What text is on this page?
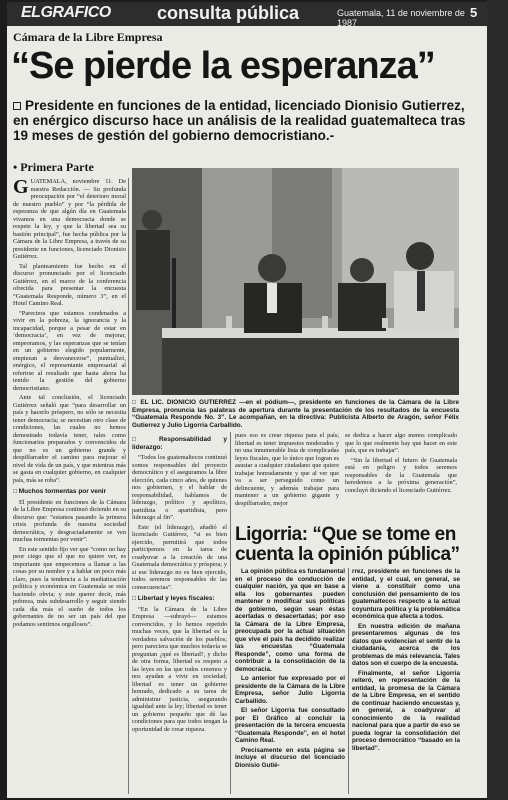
ELGRAFICO	consulta pública	Guatemala, 11 de noviembre de 1987
5
Cámara de la Libre Empresa
“Se pierde la esperanza”
Presidente en funciones de la entidad, licenciado Dionisio Gutierrez, en enérgico discurso hace un análisis de la realidad guatemalteca tras 19 meses de gestión del gobierno democristiano.-
• Primera Parte

GUATEMALA, noviembre 11. De nuestra Redacción. — Su profunda preocupación por “el deterioro moral de nuestro pueblo” y por “la pérdida de esperanza de que algún día en Guatemala vivamos en una democracia donde se respete la ley, y que la libertad sea su bastión principal”, fue hecha pública por la Cámara de la Libre Empresa, a través de su presidente en funciones, licenciado Dionisio Gutiérrez.

Tal planteamiento fue hecho en el discurso pronunciado por el licenciado Gutiérrez, en el marco de la conferencia ofrecida para presentar la encuesta “Guatemala Responde, número 3”, en el Hotel Camino Real.

“Pareciera que estamos condenados a vivir en la pobreza, la ignorancia y la incapacidad, porque a pesar de estar en ‘democracia’, en vez de mejorar, empeoramos, y las esperanzas que se tenían en un gobierno elegido popularmente, empiezan a desvanecerse”, puntualizó, enérgico, el representante empresarial al referirse al resultado que hasta ahora ha tenido la gestión del gobierno democristiano.

Ante tal conclusión, el licenciado Gutiérrez señaló que “para desarrollar un país y hacerlo próspero, no sólo se necesita tener democracia; se necesitan otro clase de condiciones, las cuales no hemos demostrado todavía tener, tales como funcionarios preparados y convencidos de que no es un gobierno grande y despilfarrador el camino para mejorar el nivel de vida de un país, y que mientras más se gasta en cualquier gobierno, en cualquier país, más se roba”.

□ Muchos tormentas por venir

El presidente en funciones de la Cámara de la Libre Empresa continuó diciendo en su discurso que: “estamos pasando la primera crisis profunda de nuestra sociedad democrática, y desgraciadamente se ven muchas tormentas por venir”.

En este sentido fijo ver que “como no hay peor ciego que el que no quiere ver, es importante que empecemos a llamar a las cosas por su nombre y a hablar un poco más claro, pues la tendencia a la mediatización política y económica en Guatemala se está haciendo obvia; y este querer decir, más pobreza, más subdesarrollo y seguir siendo cada día más el sueño de todos los gobernantes de no ser un país del que podamos sentirnos orgullosos”.

□ EL LIC. DIONICIO GUTIERREZ —en el pódium—, presidente en funciones de la Cámara de la Libre Empresa, pronuncia las palabras de apertura durante la presentación de los resultados de la encuesta “Guatemala Responde No. 3”. Le acompañan, en la directiva: Publicista Alberto de Aragón, señor Félix Gutierrez y Julio Ligorria Carballido.
□ Responsabilidad y liderazgo:

“Todos los guatemaltecos continuó somos responsables del proyecto democrático y el aseguramos la libre elección, cada cinco años, de quienes nos gobiernen, y el hablar de responsabilidad, hablamos de liderazgo, político y apolítico, partidista o apartidista, pero liderazgo al fin”.

Este (el liderazgo), añadió el licenciado Gutiérrez, “si es bien ejercido, permitirá que todos participemos en la tarea de coadyuvar a la creación de una Guatemala democrática y próspera; y si ese liderazgo no es bien ejercido, todos seremos responsables de las consecuencias”.

□ Libertad y leyes fiscales:

“En la Cámara de la Libre Empresa —subrayó— estamos convencidos, y lo hemos repetido muchas veces, que la libertad es la verdadera salvación de los pueblos; pero pareciera que muchos todavía se preguntan ¿qué es libertad?, y dicho de otra forma, libertad es respeto a las leyes en las que todos creemos y nos ayudan a vivir en sociedad; libertad es tener un gobierno honrado, dedicado a su tarea de administrar justicia, asegurando igualdad ante la ley; libertad es tener un gobierno pequeño que dé las condiciones para que todos tengan la oportunidad de crear riqueza.

pues eso es crear riqueza para el país; libertad es tener impuestos moderados y no una innumerable lista de complicadas leyes fiscales, que lo único que logran es asustar a cualquier ciudadano que quiere trabajar honradamente y que al ver que va a ser perseguido como un delincuente, y además trabajar para mantener a un gobierno gigante y despilfarrador, mejor

se dedica a hacer algo menos complicado que lo que realmente hay que hacer en este país, que es trabajar”.

“Sin la libertad el futuro de Guatemala está en peligro y todos seremos responsables de la Guatemala que heredemos a la próxima generación”, concluyó diciendo el licenciado Gutiérrez.

Ligorria: “Que se tome en cuenta la opinión pública”

La opinión pública es fundamental en el proceso de conducción de cualquier nación, ya que en base a ella los gobernantes pueden mantener o modificar sus políticas de gobierno, según sean éstas acertadas o desacertadas; por eso la Cámara de la Libre Empresa, preocupada por la actual situación que vive el país ha decidido realizar las encuestas “Guatemala Responde”, como una forma de contribuir a la consolidación de la democracia.

Lo anterior fue expresado por el presidente de la Cámara de la Libre Empresa, señor Julio Ligorria Carballido.

El señor Ligorria fue consultado por El Gráfico al concluir la presentación de la tercera encuesta “Guatemala Responde”, en el hotel Camino Real.

Precisamente en esta página se incluye el discurso del licenciado Dionisio Gutié-

rrez, presidente en funciones de la entidad, y el cual, en general, se viene a constituir como una conclusión del pensamiento de los guatemaltecos respecto a la actual coyuntura política y la problemática económica que afecta a todos.

En nuestra edición de mañana presentaremos algunas de los datos que evidencian el sentir de la ciudadanía, acerca de los problemas de más relevancia. Tales datos son el cuerpo de la encuesta.

Finalmente, el señor Ligorria reiteró, en representación de la entidad, la promesa de la Cámara de la Libre Empresa, en el sentido de continuar haciendo encuestas y, en general, a coadyuvar al conocimiento de la realidad nacional para que a partir de eso se pueda lograr la consolidación del proceso democrático “basado en la libertad”.
